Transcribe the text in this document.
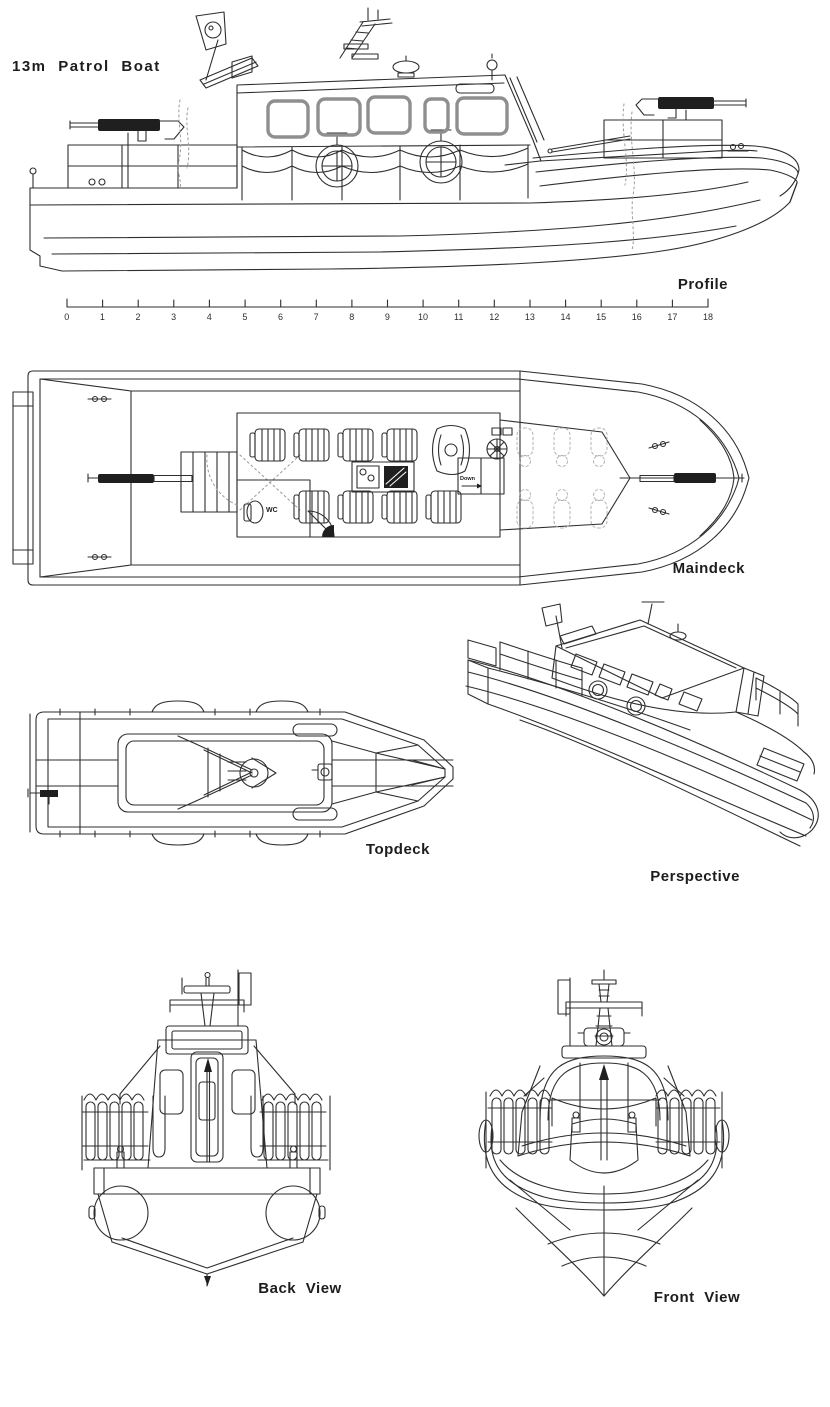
13m Patrol Boat
Profile
0	1	2	3	4	5	6	7	8	9	10	11	12	13	14	15	16	17	18
WC
Down
Maindeck
Topdeck
Perspective
Back View
Front View
